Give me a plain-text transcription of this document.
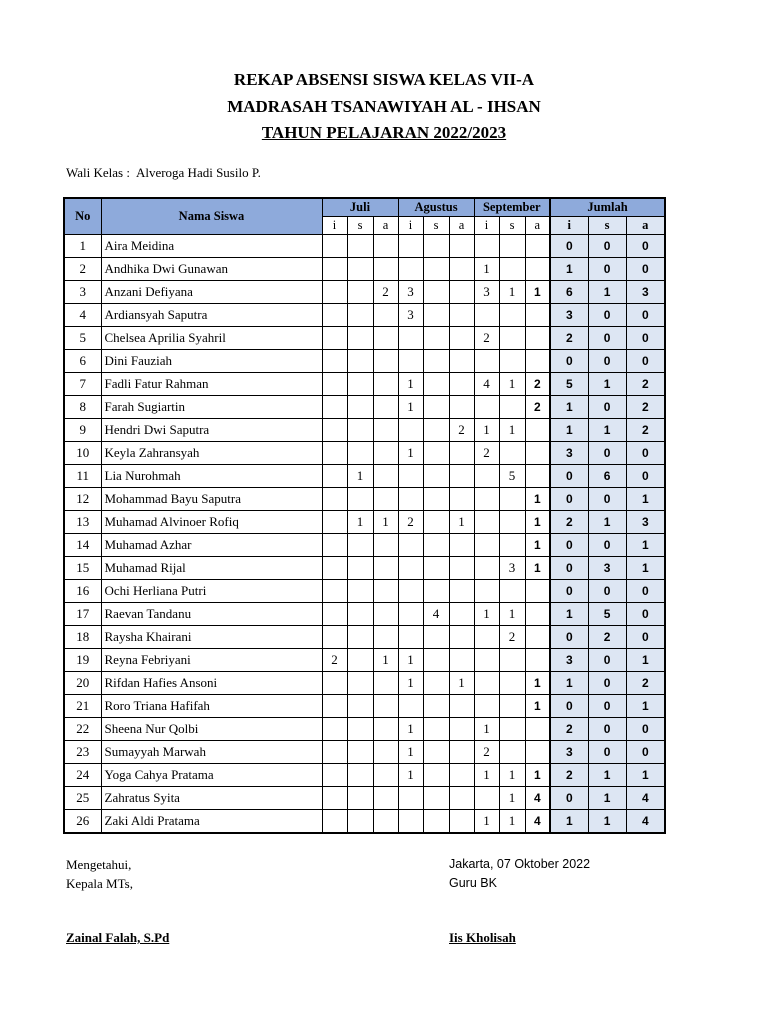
REKAP ABSENSI SISWA KELAS VII-A
MADRASAH TSANAWIYAH AL - IHSAN
TAHUN PELAJARAN 2022/2023
Wali Kelas : Alveroga Hadi Susilo P.
No	Nama Siswa	Juli			Agustus			September			Jumlah		
		i	s	a	i	s	a	i	s	a	i	s	a
1	Aira Meidina										0	0	0
2	Andhika Dwi Gunawan							1			1	0	0
3	Anzani Defiyana			2	3			3	1	1	6	1	3
4	Ardiansyah Saputra				3						3	0	0
5	Chelsea Aprilia Syahril							2			2	0	0
6	Dini Fauziah										0	0	0
7	Fadli Fatur Rahman				1			4	1	2	5	1	2
8	Farah Sugiartin				1					2	1	0	2
9	Hendri Dwi Saputra						2	1	1		1	1	2
10	Keyla Zahransyah				1			2			3	0	0
11	Lia Nurohmah		1						5		0	6	0
12	Mohammad Bayu Saputra									1	0	0	1
13	Muhamad Alvinoer Rofiq		1	1	2		1			1	2	1	3
14	Muhamad Azhar									1	0	0	1
15	Muhamad Rijal								3	1	0	3	1
16	Ochi Herliana Putri										0	0	0
17	Raevan Tandanu					4		1	1		1	5	0
18	Raysha Khairani								2		0	2	0
19	Reyna Febriyani	2		1	1						3	0	1
20	Rifdan Hafies Ansoni				1		1			1	1	0	2
21	Roro Triana Hafifah									1	0	0	1
22	Sheena Nur Qolbi				1			1			2	0	0
23	Sumayyah Marwah				1			2			3	0	0
24	Yoga Cahya Pratama				1			1	1	1	2	1	1
25	Zahratus Syita								1	4	0	1	4
26	Zaki Aldi Pratama							1	1	4	1	1	4
Mengetahui,
Kepala MTs,
Jakarta, 07 Oktober 2022
Guru BK
Zainal Falah, S.Pd	Iis Kholisah
